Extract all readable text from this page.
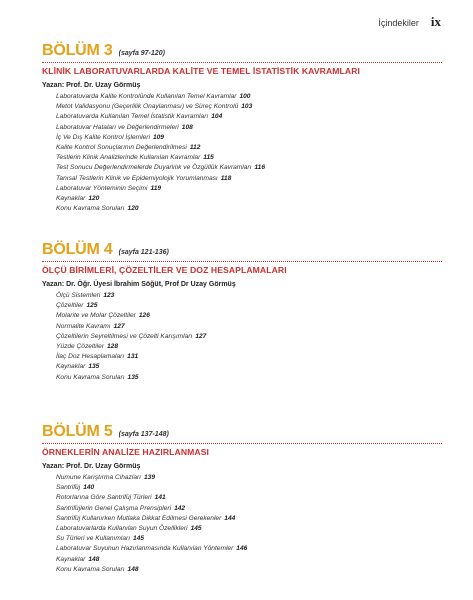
İçindekiler ix
BÖLÜM 3 (sayfa 97-120)
KLİNİK LABORATUVARLARDA KALİTE VE TEMEL İSTATİSTİK KAVRAMLARI
Yazan: Prof. Dr. Uzay Görmüş
Laboratuvarda Kalite Kontrolünde Kullanılan Temel Kavramlar 100
Metot Validasyonu (Geçerlilik Onaylanması) ve Süreç Kontrolü 103
Laboratuvarda Kullanılan Temel İstatistik Kavramları 104
Laboratuvar Hataları ve Değerlendirmeleri 108
İç Ve Dış Kalite Kontrol İşlemleri 109
Kalite Kontrol Sonuçlarının Değerlendirilmesi 112
Testlerin Klinik Analizlerinde Kullanılan Kavramlar 115
Test Sonucu Değerlendirmelerde Duyarlılık ve Özgüllük Kavramları 116
Tanısal Testlerin Klinik ve Epidemiyolojik Yorumlanması 118
Laboratuvar Yönteminin Seçimi 119
Kaynaklar 120
Konu Kavrama Soruları 120
BÖLÜM 4 (sayfa 121-136)
ÖLÇÜ BİRİMLERİ, ÇÖZELTİLER VE DOZ HESAPLAMALARI
Yazan: Dr. Öğr. Üyesi İbrahim Söğüt, Prof Dr Uzay Görmüş
Ölçü Sistemleri 123
Çözeltiler 125
Molarite ve Molar Çözeltiler 126
Normalite Kavramı 127
Çözeltilerin Seyreltilmesi ve Çözelti Karışımları 127
Yüzde Çözeltiler 128
İlaç Doz Hesaplamaları 131
Kaynaklar 135
Konu Kavrama Soruları 135
BÖLÜM 5 (sayfa 137-148)
ÖRNEKLERİN ANALİZE HAZIRLANMASI
Yazan: Prof. Dr. Uzay Görmüş
Numune Karıştırma Cihazları 139
Santrifüj 140
Rotorlarına Göre Santrifüj Türleri 141
Santrifüjlerin Genel Çalışma Prensipleri 142
Santrifüj Kullanırken Mutlaka Dikkat Edilmesi Gerekenler 144
Laboratuvarlarda Kullanılan Suyun Özellikleri 145
Su Türleri ve Kullanımları 145
Laboratuvar Suyunun Hazırlanmasında Kullanılan Yöntemler 146
Kaynaklar 148
Konu Kavrama Soruları 148
